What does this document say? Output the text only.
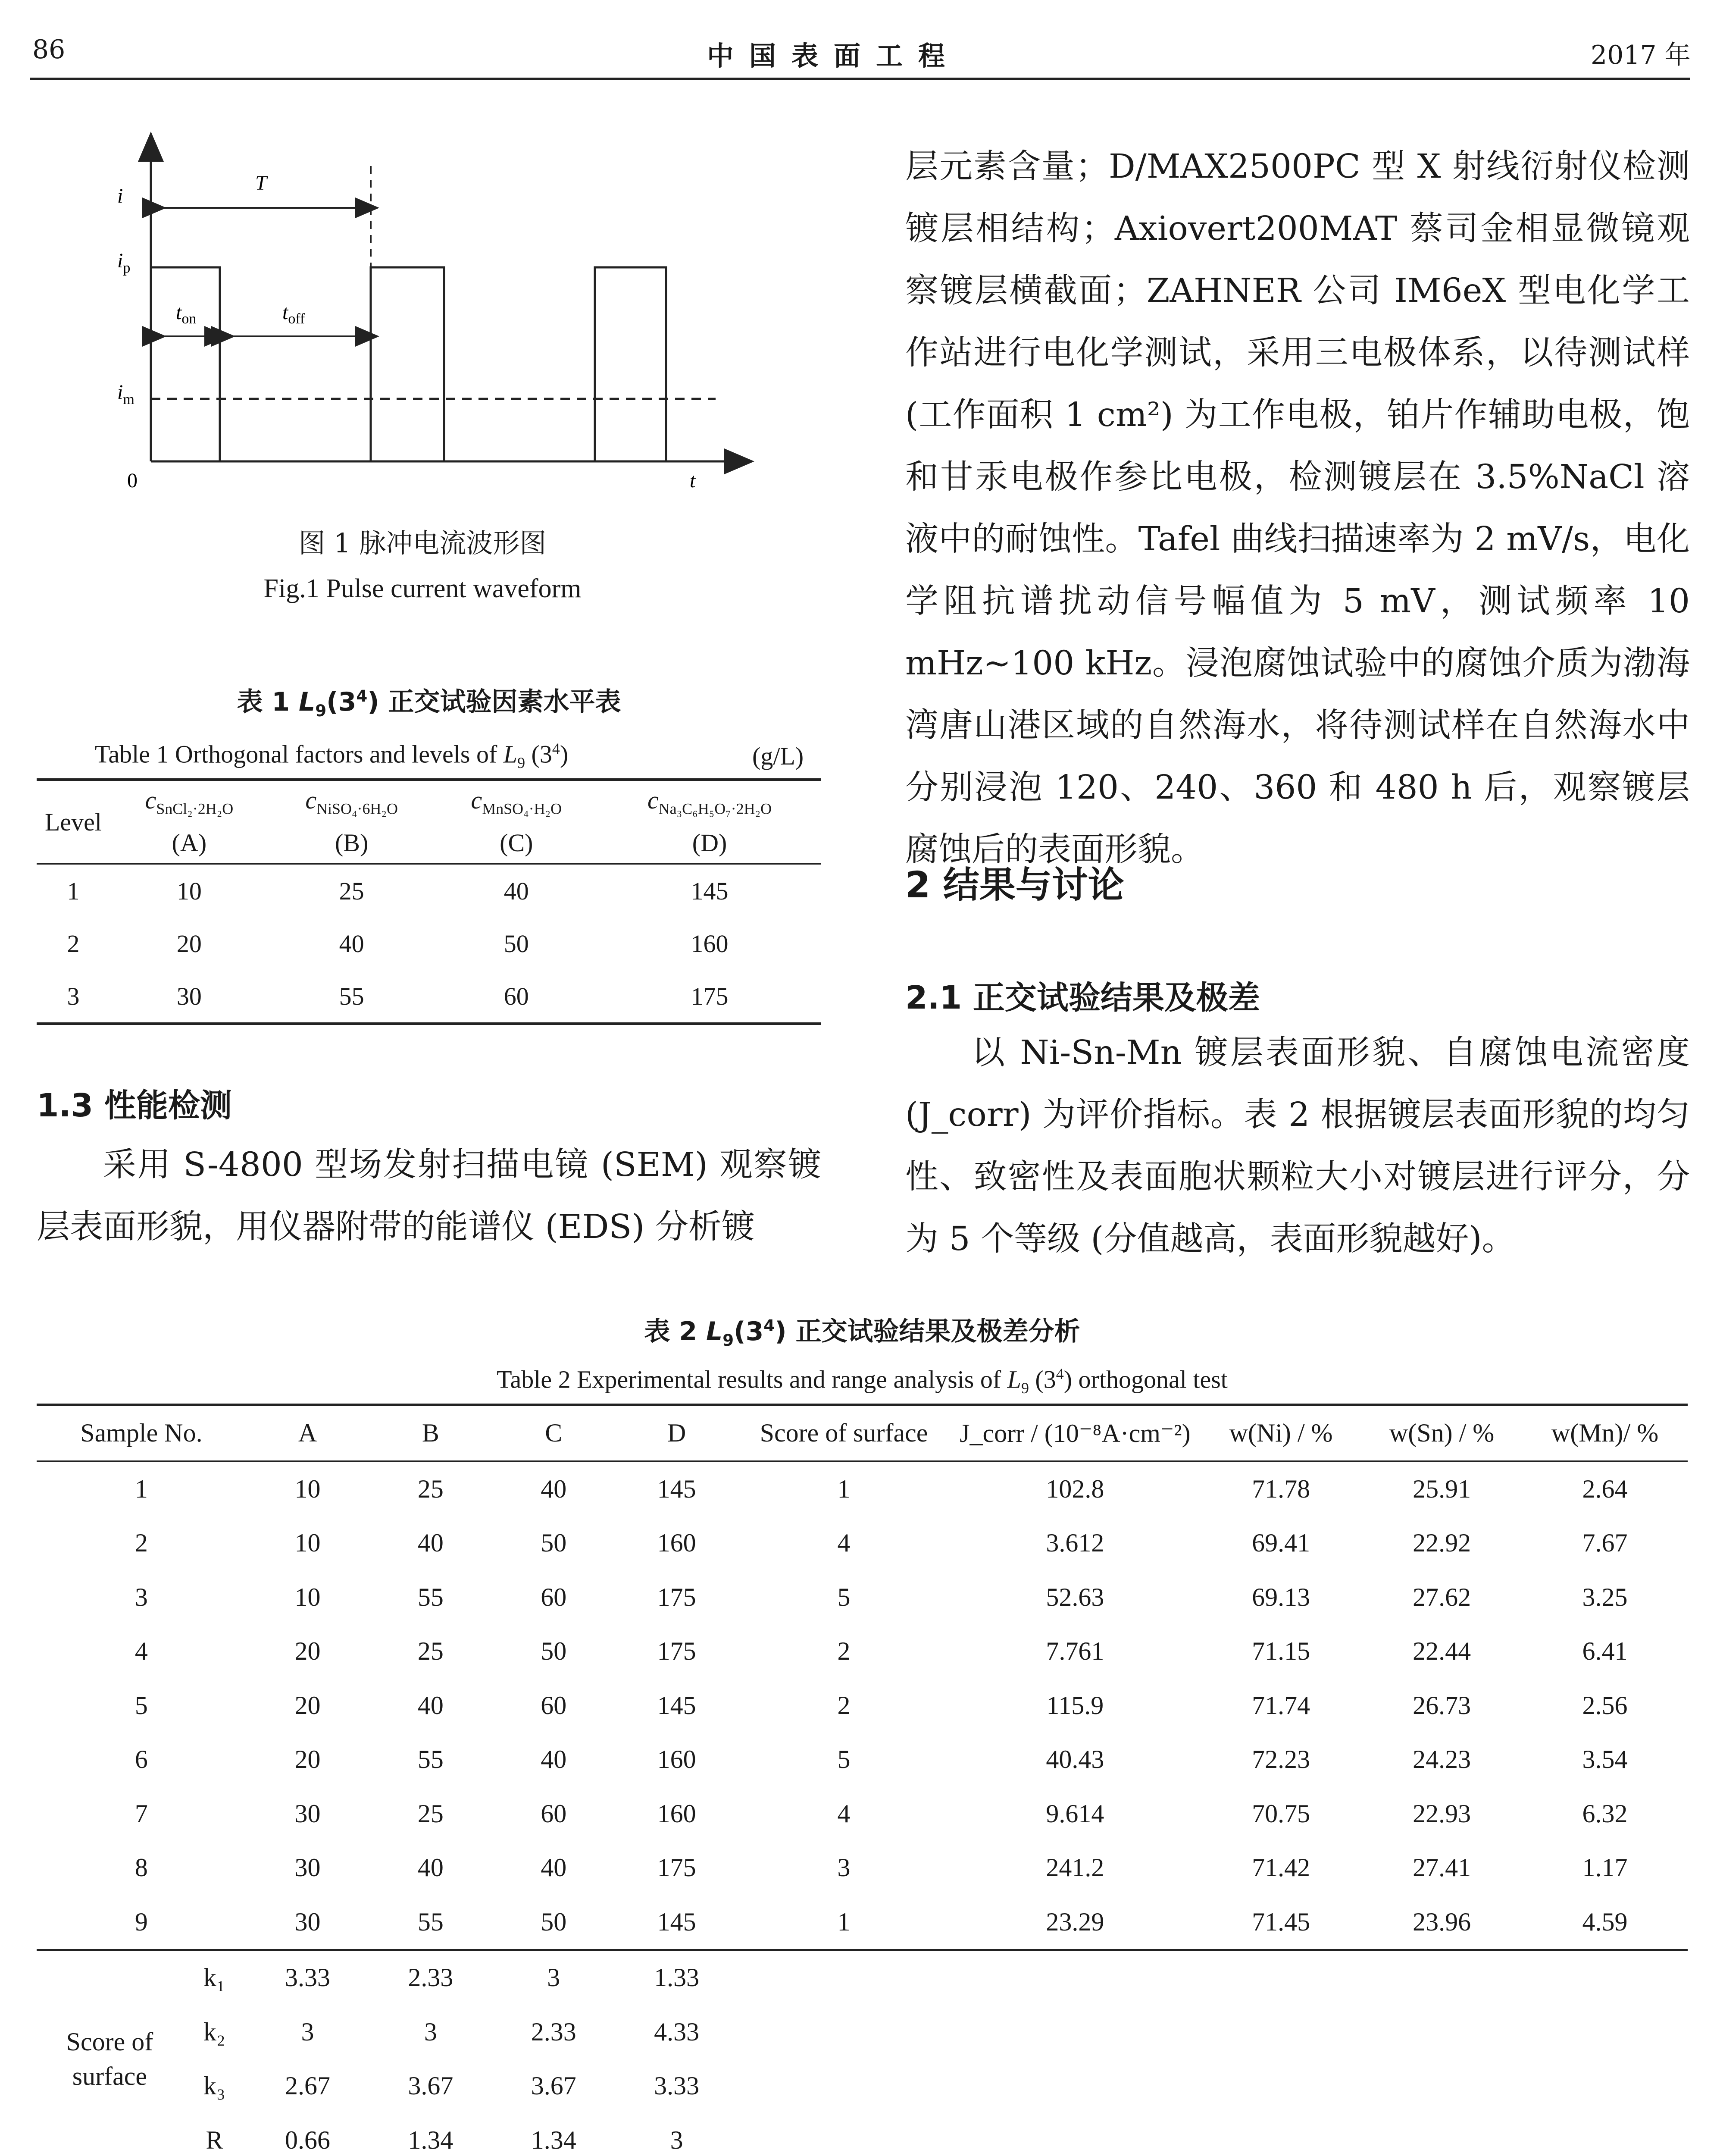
86	中国表面工程	2017 年
i
T
$i_p$
$i_m$
$t_{on}$	$t_{off}$
0	t
图 1 脉冲电流波形图
Fig.1 Pulse current waveform
表 1 $L_9(3^4)$ 正交试验因素水平表
Table 1 Orthogonal factors and levels of $L_9$ $(3^4)$	(g/L)
Level	$c_{SnCl_2\cdot 2H_2O}$	$c_{NiSO_4\cdot 6H_2O}$	$c_{MnSO_4\cdot H_2O}$	$c_{Na_3C_6H_5O_7\cdot 2H_2O}$
	(A)	(B)	(C)	(D)
1	10	25	40	145
2	20	40	50	160
3	30	55	60	175
1.3 性能检测
采用 S-4800 型场发射扫描电镜 (SEM) 观察镀层表面形貌，用仪器附带的能谱仪 (EDS) 分析镀
层元素含量；D/MAX2500PC 型 X 射线衍射仪检测镀层相结构；Axiovert200MAT 蔡司金相显微镜观察镀层横截面；ZAHNER 公司 IM6eX 型电化学工作站进行电化学测试，采用三电极体系，以待测试样 (工作面积 1 cm²) 为工作电极，铂片作辅助电极，饱和甘汞电极作参比电极，检测镀层在 3.5%NaCl 溶液中的耐蚀性。Tafel 曲线扫描速率为 2 mV/s，电化学阻抗谱扰动信号幅值为 5 mV，测试频率 10 mHz~100 kHz。浸泡腐蚀试验中的腐蚀介质为渤海湾唐山港区域的自然海水，将待测试样在自然海水中分别浸泡 120、240、360 和 480 h 后，观察镀层腐蚀后的表面形貌。
2 结果与讨论
2.1 正交试验结果及极差
以 Ni-Sn-Mn 镀层表面形貌、自腐蚀电流密度 (J_corr) 为评价指标。表 2 根据镀层表面形貌的均匀性、致密性及表面胞状颗粒大小对镀层进行评分，分为 5 个等级 (分值越高，表面形貌越好)。
表 2 $L_9(3^4)$ 正交试验结果及极差分析
Table 2 Experimental results and range analysis of $L_9$ $(3^4)$ orthogonal test
Sample No.		A	B	C	D	Score of surface	J_corr / (10⁻⁸A·cm⁻²)	w(Ni) / %	w(Sn) / %	w(Mn)/ %
1		10	25	40	145	1	102.8	71.78	25.91	2.64
2		10	40	50	160	4	3.612	69.41	22.92	7.67
3		10	55	60	175	5	52.63	69.13	27.62	3.25
4		20	25	50	175	2	7.761	71.15	22.44	6.41
5		20	40	60	145	2	115.9	71.74	26.73	2.56
6		20	55	40	160	5	40.43	72.23	24.23	3.54
7		30	25	60	160	4	9.614	70.75	22.93	6.32
8		30	40	40	175	3	241.2	71.42	27.41	1.17
9		30	55	50	145	1	23.29	71.45	23.96	4.59
Score of surface	k₁	3.33	2.33	3	1.33					
	k₂	3	3	2.33	4.33					
	k₃	2.67	3.67	3.67	3.33					
	R	0.66	1.34	1.34	3					
